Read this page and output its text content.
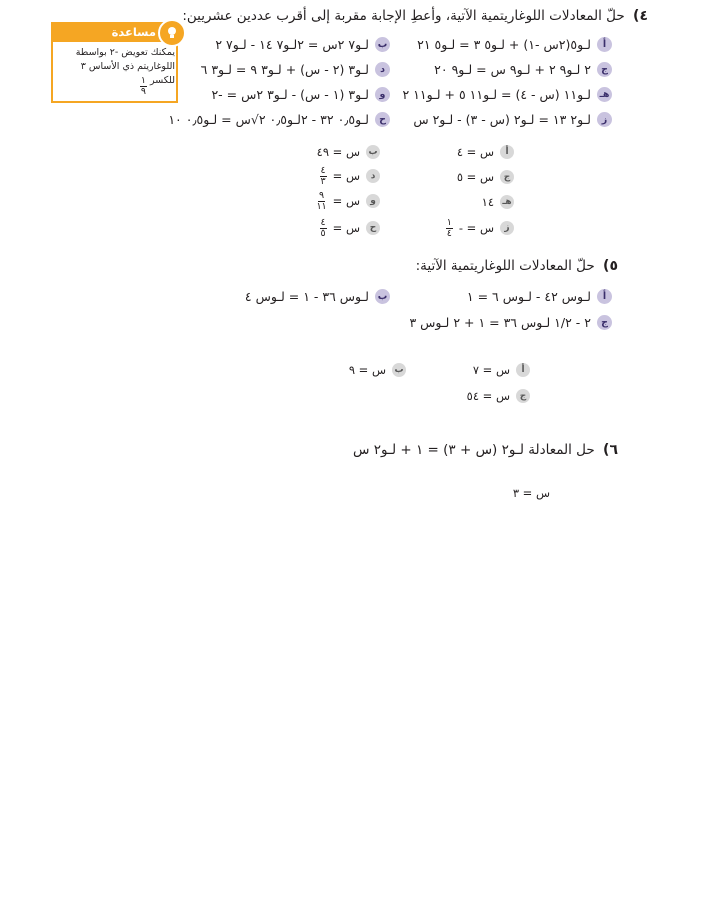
٤) حلّ المعادلات اللوغاريتمية الآتية، وأعطِ الإجابة مقربة إلى أقرب عددين عشريين:
مساعدة
يمكنك تعويض -٢ بواسطة اللوغاريتم ذي الأساس ٣ للكسر
$\frac{١}{٩}$
أ
لـو٥(٢س -١) + لـو٥ ٣ = لـو٥ ٢١
ب
لـو٧ ٢س = ٢لـو٧ ١٤ - لـو٧ ٢
ج
٢ لـو٩ ٢ + لـو٩ س = لـو٩ ٢٠
د
لـو٣ (٢ - س) + لـو٣ ٩ = لـو٣ ٦
هـ
لـو١١ (س - ٤) = لـو١١ ٥ + لـو١١ ٢
و
لـو٣ (١ - س) - لـو٣ ٢س = -٢
ز
لـو٢ ١٣ = لـو٢ (س - ٣) - لـو٢ س
ح
لـو٠٫٥ ٣٢ - ٢لـو٠٫٥ ٢√س = لـو٠٫٥ ١٠
أ
س = ٤
ب
س = ٤٩
ج
س = ٥
د
س =
$\frac{٤}{٣}$
هـ
١٤
و
س =
$\frac{٩}{١١}$
ز
س = -
$\frac{١}{٤}$
ح
س =
$\frac{٤}{٥}$
٥) حلّ المعادلات اللوغاريتمية الآتية:
أ
لـوس ٤٢ - لـوس ٦ = ١
ب
لـوس ٣٦ - ١ = لـوس ٤
ج
٢ - ١/٢ لـوس ٣٦ = ١ + ٢ لـوس ٣
أ
س = ٧
ب
س = ٩
ج
س = ٥٤
٦) حل المعادلة لـو٢ (س + ٣) = ١ + لـو٢ س
س = ٣
